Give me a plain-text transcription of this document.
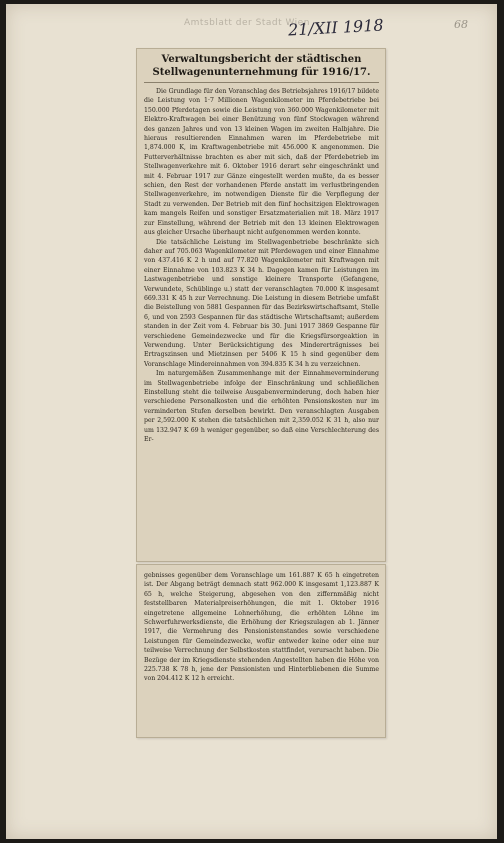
Amtsblatt der Stadt Wien
21/XII 1918	68
Verwaltungsbericht der städtischen Stellwagenunternehmung für 1916/17.

Die Grundlage für den Voranschlag des Betriebsjahres 1916/17 bildete die Leistung von 1·7 Millionen Wagenkilometer im Pferdebetriebe bei 150.000 Pferdetagen sowie die Leistung von 360.000 Wagenkilometer mit Elektro-Kraftwagen bei einer Benützung von fünf Stockwagen während des ganzen Jahres und von 13 kleinen Wagen im zweiten Halbjahre. Die hieraus resultierenden Einnahmen waren im Pferdebetriebe mit 1,874.000 K, im Kraftwagenbetriebe mit 456.000 K angenommen. Die Futterverhältnisse brachten es aber mit sich, daß der Pferdebetrieb im Stellwagenverkehre mit 6. Oktober 1916 derart sehr eingeschränkt und mit 4. Februar 1917 zur Gänze eingestellt werden mußte, da es besser schien, den Rest der vorhandenen Pferde anstatt im verlustbringenden Stellwagenverkehre, im notwendigen Dienste für die Verpflegung der Stadt zu verwenden. Der Betrieb mit den fünf hochsitzigen Elektrowagen kam mangels Reifen und sonstiger Ersatzmaterialien mit 18. März 1917 zur Einstellung, während der Betrieb mit den 13 kleinen Elektrowagen aus gleicher Ursache überhaupt nicht aufgenommen werden konnte.

Die tatsächliche Leistung im Stellwagenbetriebe beschränkte sich daher auf 705.063 Wagenkilometer mit Pferdewagen und einer Einnahme von 437.416 K 2 h und auf 77.820 Wagenkilometer mit Kraftwagen mit einer Einnahme von 103.823 K 34 h. Dagegen kamen für Leistungen im Lastwagenbetriebe und sonstige kleinere Transporte (Gefangene, Verwundete, Schüblinge u.) statt der veranschlagten 70.000 K insgesamt 669.331 K 45 h zur Verrechnung. Die Leistung in diesem Betriebe umfaßt die Beistellung von 5881 Gespannen für das Bezirkswirtschaftsamt, Stelle 6, und von 2593 Gespannen für das städtische Wirtschaftsamt; außerdem standen in der Zeit vom 4. Februar bis 30. Juni 1917 3869 Gespanne für verschiedene Gemeindezwecke und für die Kriegsfürsorgeaktion in Verwendung. Unter Berücksichtigung des Mindererträgnisses bei Ertragszinsen und Mietzinsen per 5406 K 15 h sind gegenüber dem Voranschlage Mindereinnahmen von 394.835 K 34 h zu verzeichnen.

Im naturgemäßen Zusammenhange mit der Einnahmeverminderung im Stellwagenbetriebe infolge der Einschränkung und schließlichen Einstellung steht die teilweise Ausgabenverminderung, doch haben hier verschiedene Personalkosten und die erhöhten Pensionskosten nur im verminderten Stufen derselben bewirkt. Den veranschlagten Ausgaben per 2,592.000 K stehen die tatsächlichen mit 2,359.052 K 31 h, also nur um 132.947 K 69 h weniger gegenüber, so daß eine Verschlechterung des Er-

gebnisses gegenüber dem Voranschlage um 161.887 K 65 h eingetreten ist. Der Abgang beträgt demnach statt 962.000 K insgesamt 1,123.887 K 65 h, welche Steigerung, abgesehen von den ziffernmäßig nicht feststellbaren Materialpreiserhöhungen, die mit 1. Oktober 1916 eingetretene allgemeine Lohnerhöhung, die erhöhten Löhne im Schwerfuhrwerksdienste, die Erhöhung der Kriegszulagen ab 1. Jänner 1917, die Vermehrung des Pensionistenstandes sowie verschiedene Leistungen für Gemeindezwecke, wofür entweder keine oder eine nur teilweise Verrechnung der Selbstkosten stattfindet, verursacht haben. Die Bezüge der im Kriegsdienste stehenden Angestellten haben die Höhe von 225.738 K 78 h, jene der Pensionisten und Hinterbliebenen die Summe von 204.412 K 12 h erreicht.
